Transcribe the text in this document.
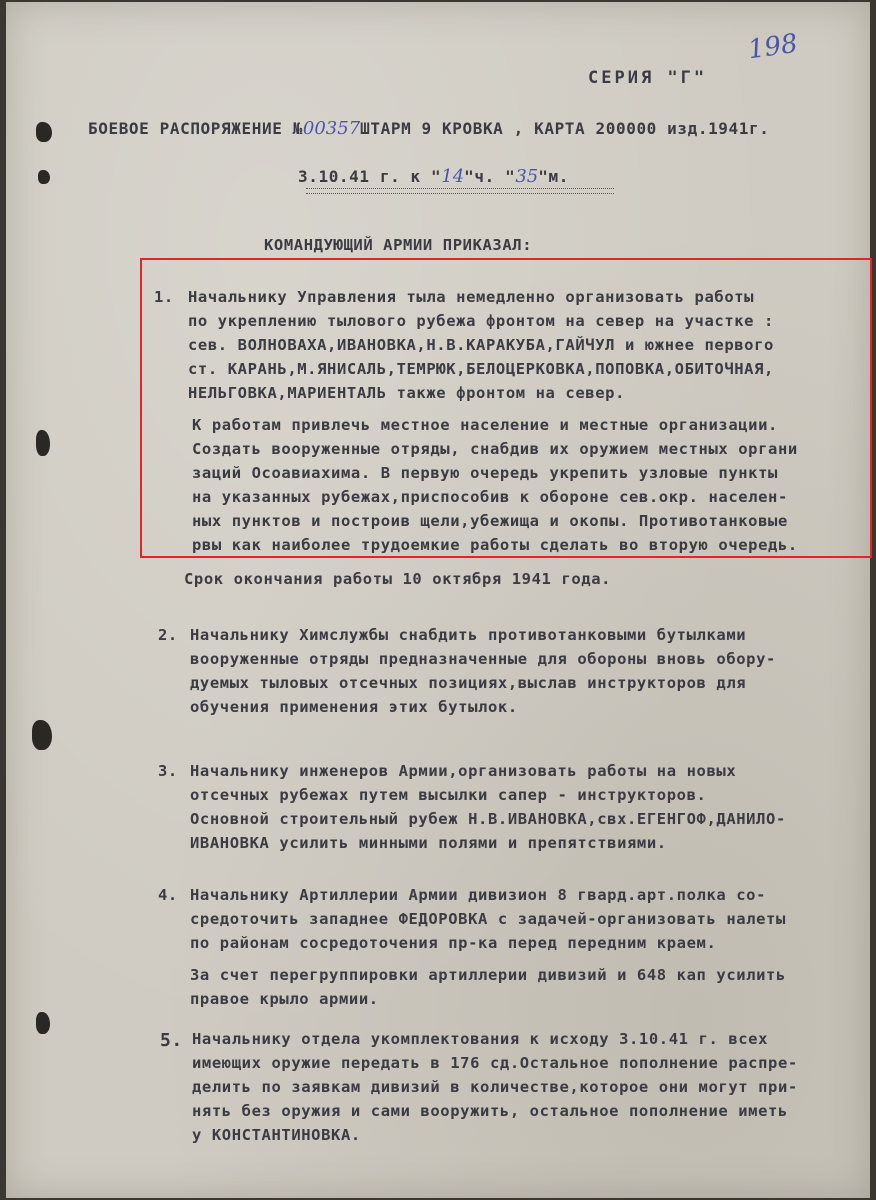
198
СЕРИЯ "Г"
БОЕВОЕ РАСПОРЯЖЕНИЕ №00357ШТАРМ 9 КРОВКА , КАРТА 200000 изд.1941г.
3.10.41 г. к "14"ч. "35"м.
КОМАНДУЮЩИЙ АРМИИ ПРИКАЗАЛ:
1. Начальнику Управления тыла немедленно организовать работы
по укреплению тылового рубежа фронтом на север на участке :
сев. ВОЛНОВАХА,ИВАНОВКА,Н.В.КАРАКУБА,ГАЙЧУЛ и южнее первого
ст. КАРАНЬ,М.ЯНИСАЛЬ,ТЕМРЮК,БЕЛОЦЕРКОВКА,ПОПОВКА,ОБИТОЧНАЯ,
НЕЛЬГОВКА,МАРИЕНТАЛЬ также фронтом на север.
К работам привлечь местное население и местные организации.
Создать вооруженные отряды, снабдив их оружием местных органи
заций Осоавиахима. В первую очередь укрепить узловые пункты
на указанных рубежах,приспособив к обороне сев.окр. населен-
ных пунктов и построив щели,убежища и окопы. Противотанковые
рвы как наиболее трудоемкие работы сделать во вторую очередь.
Срок окончания работы 10 октября 1941 года.
2. Начальнику Химслужбы снабдить противотанковыми бутылками
вооруженные отряды предназначенные для обороны вновь обору-
дуемых тыловых отсечных позициях,выслав инструкторов для
обучения применения этих бутылок.
3. Начальнику инженеров Армии,организовать работы на новых
отсечных рубежах путем высылки сапер - инструкторов.
Основной строительный рубеж Н.В.ИВАНОВКА,свх.ЕГЕНГОФ,ДАНИЛО-
ИВАНОВКА усилить минными полями и препятствиями.
4. Начальнику Артиллерии Армии дивизион 8 гвард.арт.полка со-
средоточить западнее ФЕДОРОВКА с задачей-организовать налеты
по районам сосредоточения пр-ка перед передним краем.
За счет перегруппировки артиллерии дивизий и 648 кап усилить
правое крыло армии.
5. Начальнику отдела укомплектования к исходу 3.10.41 г. всех
имеющих оружие передать в 176 сд.Остальное пополнение распре-
делить по заявкам дивизий в количестве,которое они могут при-
нять без оружия и сами вооружить, остальное пополнение иметь
у КОНСТАНТИНОВКА.
